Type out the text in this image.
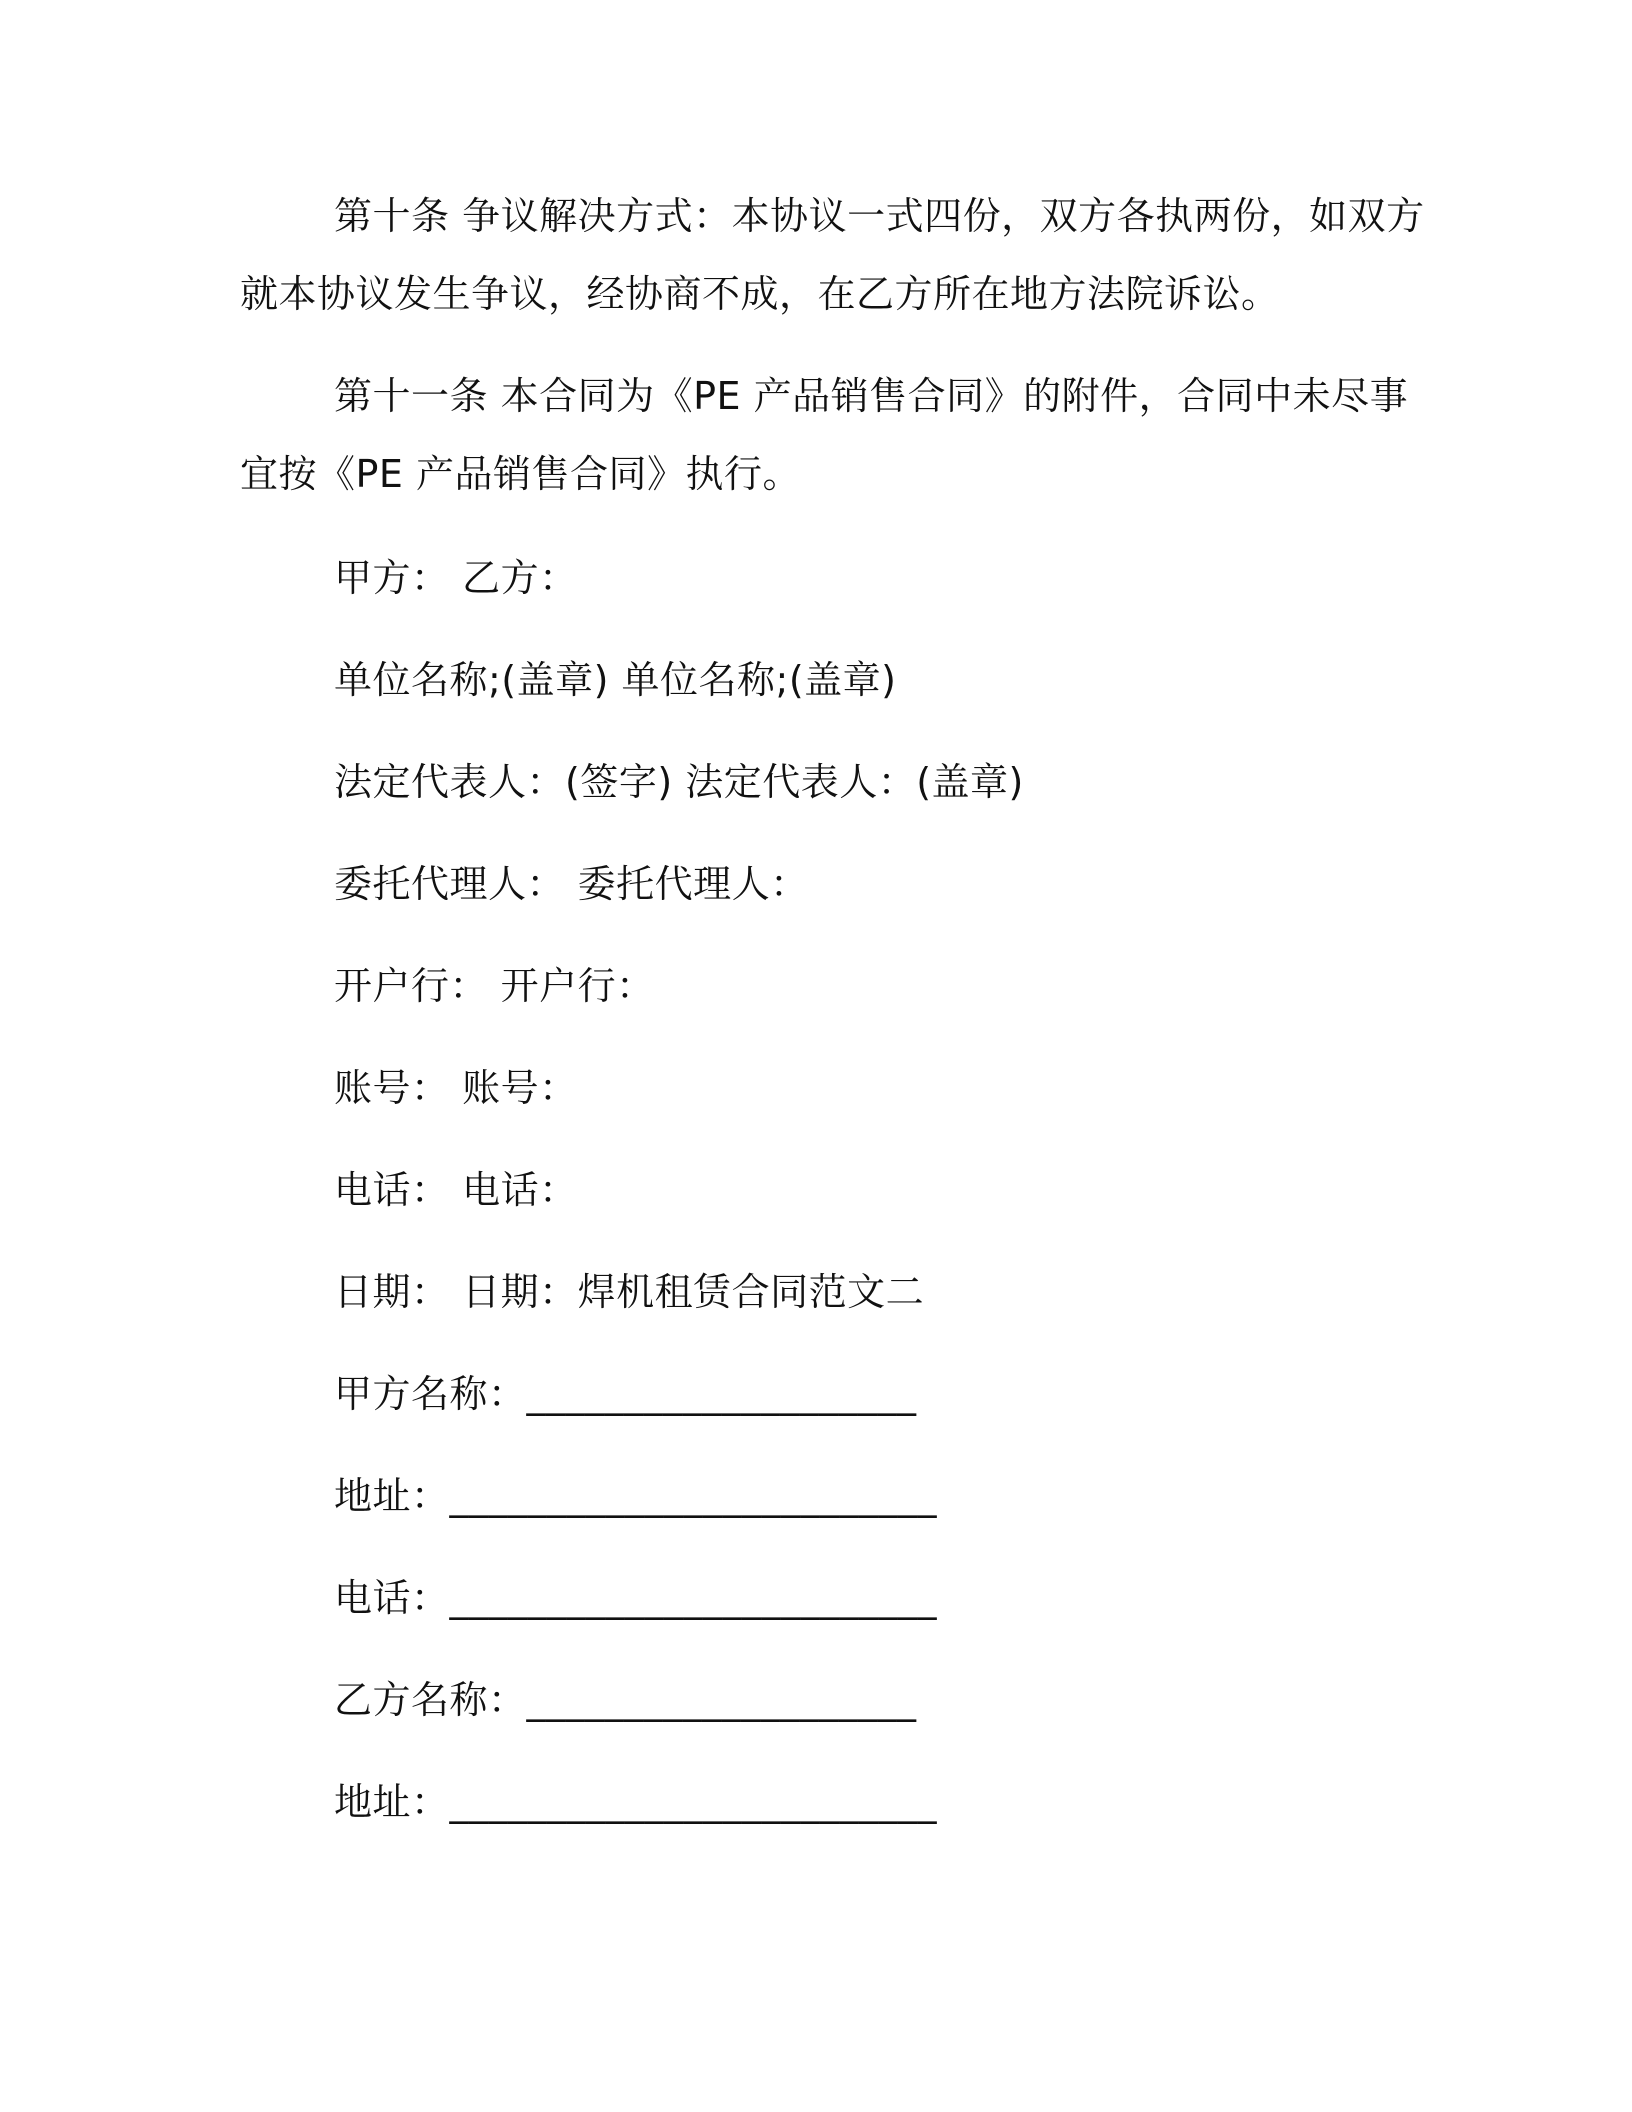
第十条 争议解决方式：本协议一式四份，双方各执两份，如双方
就本协议发生争议，经协商不成，在乙方所在地方法院诉讼。
第十一条 本合同为《PE 产品销售合同》的附件，合同中未尽事
宜按《PE 产品销售合同》执行。
甲方： 乙方：
单位名称;(盖章) 单位名称;(盖章)
法定代表人：(签字) 法定代表人：(盖章)
委托代理人： 委托代理人：
开户行： 开户行：
账号： 账号：
电话： 电话：
日期： 日期：焊机租赁合同范文二
甲方名称：____________________
地址：_________________________
电话：_________________________
乙方名称：____________________
地址：_________________________
